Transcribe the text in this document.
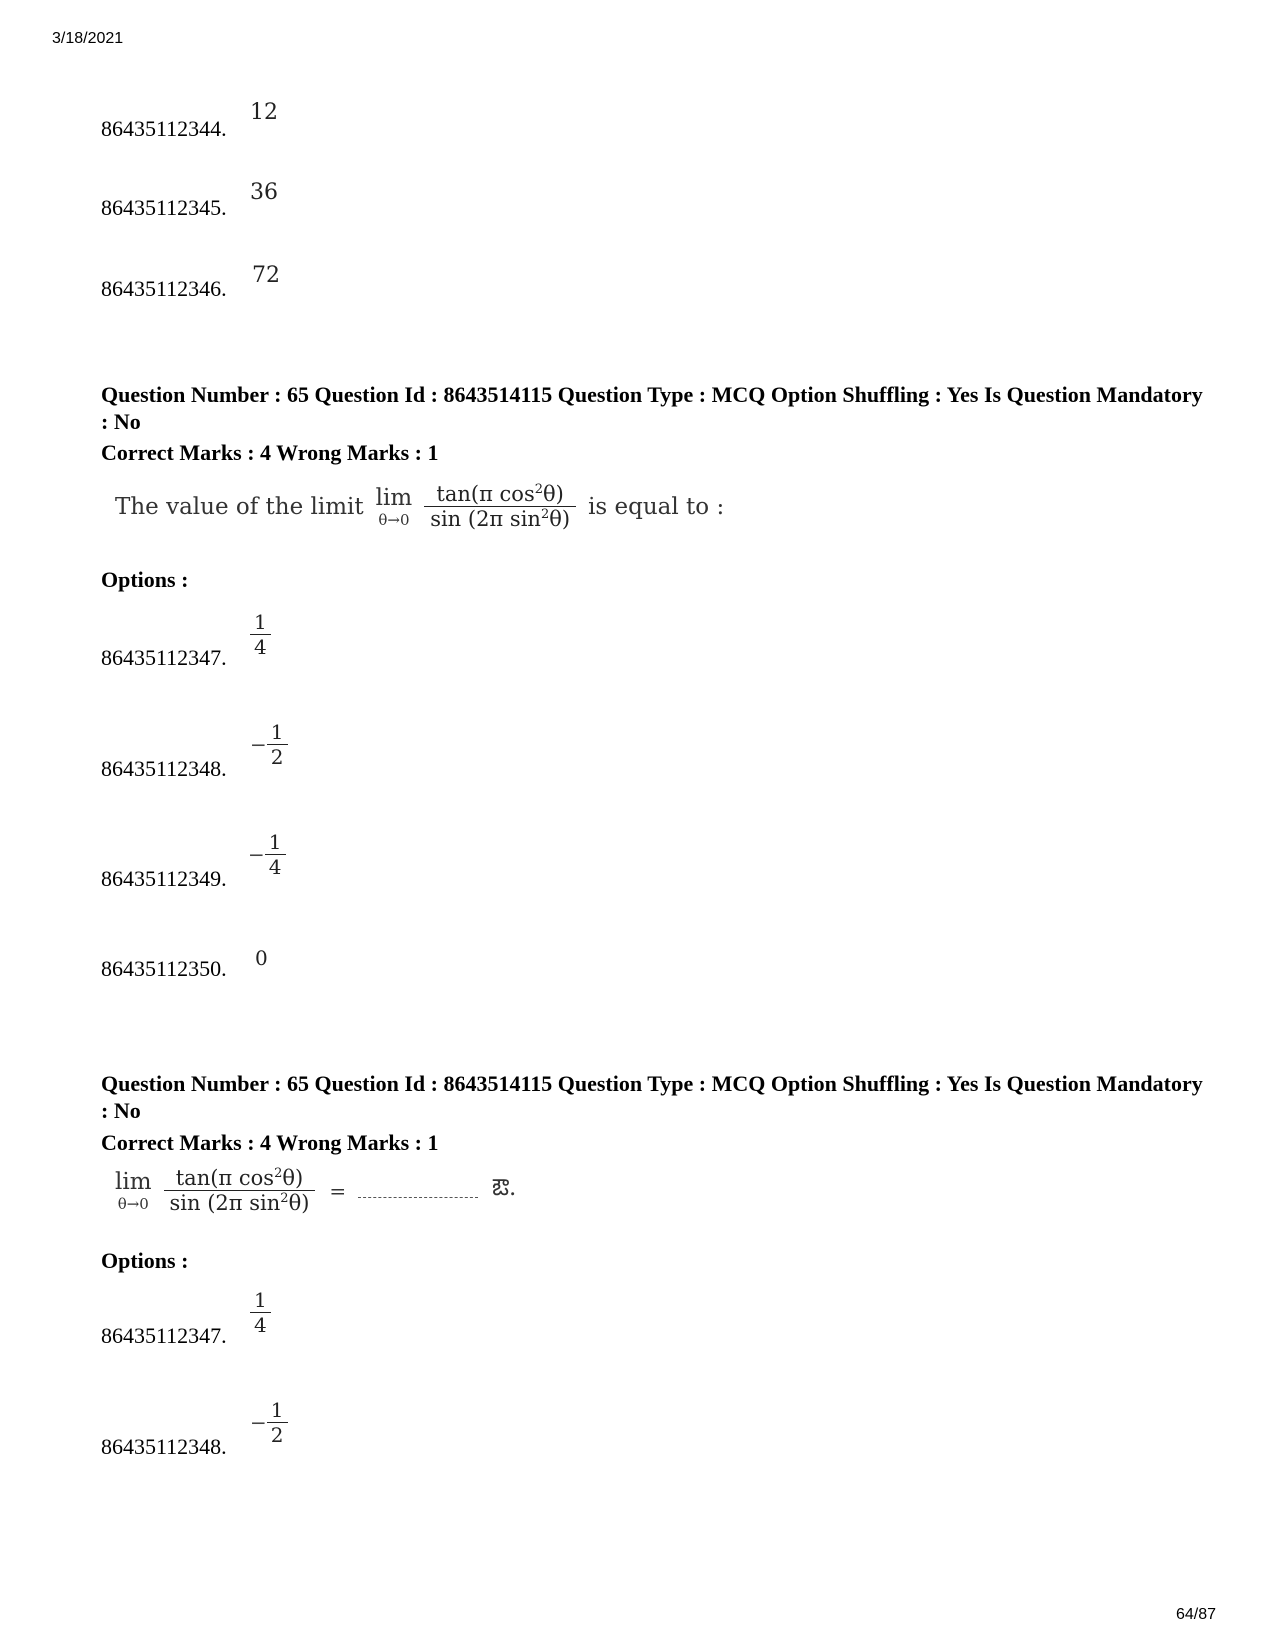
3/18/2021
86435112344.
12
86435112345.
36
86435112346.
72
Question Number : 65 Question Id : 8643514115 Question Type : MCQ Option Shuffling : Yes Is Question Mandatory : No
Correct Marks : 4 Wrong Marks : 1
The value of the limit lim
$\theta\to 0 \frac{\tan(\pi \cos^2\theta)}{\sin (2\pi \sin^2\theta)}$ is equal to :
Options :
86435112347. $\frac{1}{4}$
86435112348.
− $\frac{1}{2}$
86435112349.
− $\frac{1}{4}$
86435112350. 0
Question Number : 65 Question Id : 8643514115 Question Type : MCQ Option Shuffling : Yes Is Question Mandatory : No
Correct Marks : 4 Wrong Marks : 1
lim
$\theta\to 0 \frac{\tan(\pi \cos^2\theta)}{\sin (2\pi \sin^2\theta)}$ =	ఔ.
Options :
86435112347. $\frac{1}{4}$
86435112348.
− $\frac{1}{2}$
64/87
